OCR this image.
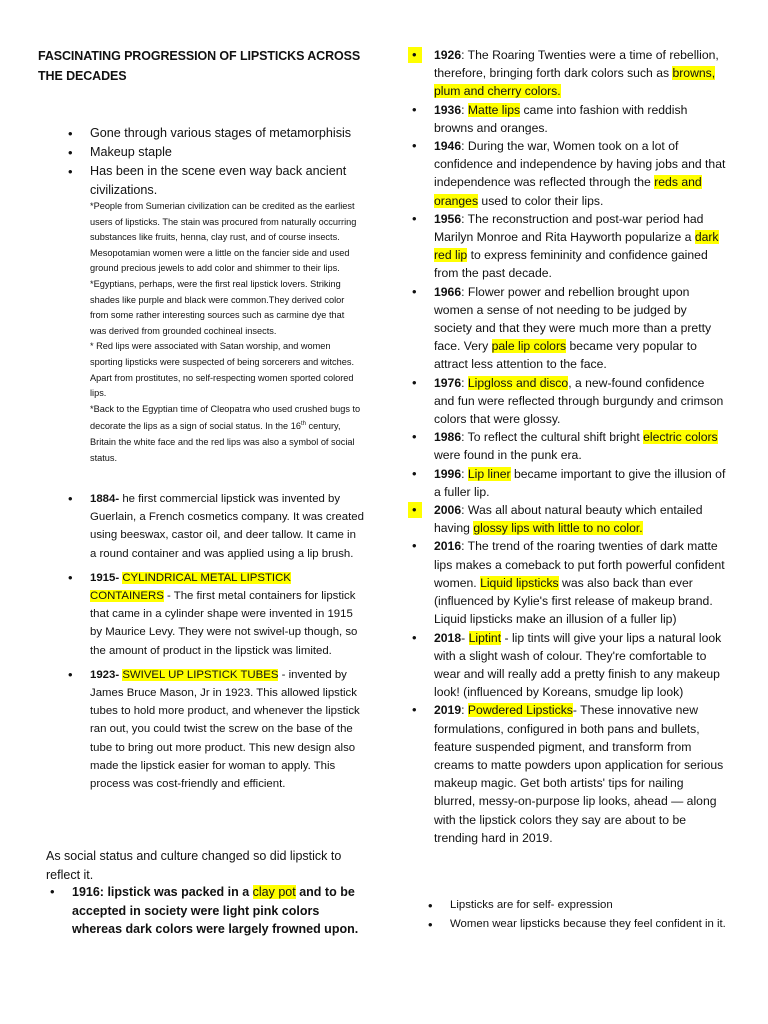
FASCINATING PROGRESSION OF LIPSTICKS ACROSS THE DECADES
• Gone through various stages of metamorphisis
• Makeup staple
• Has been in the scene even way back ancient civilizations.

*People from Sumerian civilization can be credited as the earliest users of lipsticks. The stain was procured from naturally occurring substances like fruits, henna, clay rust, and of course insects. Mesopotamian women were a little on the fancier side and used ground precious jewels to add color and shimmer to their lips.

*Egyptians, perhaps, were the first real lipstick lovers. Striking shades like purple and black were common.They derived color from some rather interesting sources such as carmine dye that was derived from grounded cochineal insects.

* Red lips were associated with Satan worship, and women sporting lipsticks were suspected of being sorcerers and witches. Apart from prostitutes, no self-respecting women sported colored lips.

*Back to the Egyptian time of Cleopatra who used crushed bugs to decorate the lips as a sign of social status. In the 16th century, Britain the white face and the red lips was also a symbol of social status.

• 1884- he first commercial lipstick was invented by Guerlain, a French cosmetics company. It was created using beeswax, castor oil, and deer tallow. It came in a round container and was applied using a lip brush.
• 1915- CYLINDRICAL METAL LIPSTICK CONTAINERS - The first metal containers for lipstick that came in a cylinder shape were invented in 1915 by Maurice Levy. They were not swivel-up though, so the amount of product in the lipstick was limited.
• 1923- SWIVEL UP LIPSTICK TUBES - invented by James Bruce Mason, Jr in 1923. This allowed lipstick tubes to hold more product, and whenever the lipstick ran out, you could twist the screw on the base of the tube to bring out more product. This new design also made the lipstick easier for woman to apply. This process was cost-friendly and efficient.
As social status and culture changed so did lipstick to reflect it.
• 1916: lipstick was packed in a clay pot and to be accepted in society were light pink colors whereas dark colors were largely frowned upon.
•
1926: The Roaring Twenties were a time of rebellion, therefore, bringing forth dark colors such as browns, plum and cherry colors.
• 1936: Matte lips came into fashion with reddish browns and oranges.
• 1946: During the war, Women took on a lot of confidence and independence by having jobs and that independence was reflected through the reds and oranges used to color their lips.
• 1956: The reconstruction and post-war period had Marilyn Monroe and Rita Hayworth popularize a dark red lip to express femininity and confidence gained from the past decade.
• 1966: Flower power and rebellion brought upon women a sense of not needing to be judged by society and that they were much more than a pretty face. Very pale lip colors became very popular to attract less attention to the face.
• 1976: Lipgloss and disco, a new-found confidence and fun were reflected through burgundy and crimson colors that were glossy.
• 1986: To reflect the cultural shift bright electric colors were found in the punk era.
• 1996: Lip liner became important to give the illusion of a fuller lip.
•
2006: Was all about natural beauty which entailed having glossy lips with little to no color.
• 2016: The trend of the roaring twenties of dark matte lips makes a comeback to put forth powerful confident women. Liquid lipsticks was also back than ever (influenced by Kylie's first release of makeup brand. Liquid lipsticks make an illusion of a fuller lip)
• 2018- Liptint - lip tints will give your lips a natural look with a slight wash of colour. They're comfortable to wear and will really add a pretty finish to any makeup look! (influenced by Koreans, smudge lip look)
• 2019: Powdered Lipsticks- These innovative new formulations, configured in both pans and bullets, feature suspended pigment, and transform from creams to matte powders upon application for serious makeup magic. Get both artists' tips for nailing blurred, messy-on-purpose lip looks, ahead — along with the lipstick colors they say are about to be trending hard in 2019.
• Lipsticks are for self- expression
• Women wear lipsticks because they feel confident in it.
